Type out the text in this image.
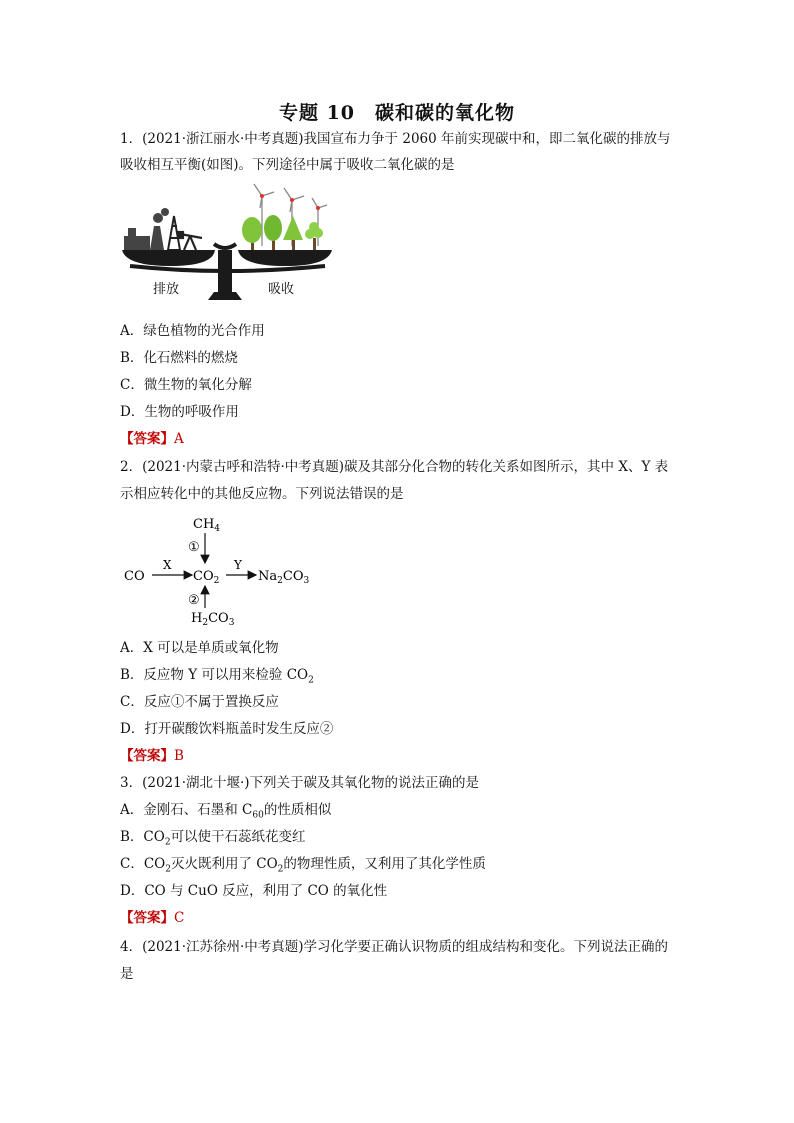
专题 10　碳和碳的氧化物
1．(2021·浙江丽水·中考真题)我国宣布力争于 2060 年前实现碳中和，即二氧化碳的排放与
吸收相互平衡(如图)。下列途径中属于吸收二氧化碳的是
排放	吸收
A．绿色植物的光合作用
B．化石燃料的燃烧
C．微生物的氧化分解
D．生物的呼吸作用
【答案】A
2．(2021·内蒙古呼和浩特·中考真题)碳及其部分化合物的转化关系如图所示，其中 X、Y 表
示相应转化中的其他反应物。下列说法错误的是
CO
X
$CO_2$
Y
$Na_2CO_3$
$CH_4$
①
②
$H_2CO_3$
A．X 可以是单质或氧化物
B．反应物 Y 可以用来检验 $CO_2$
C．反应①不属于置换反应
D．打开碳酸饮料瓶盖时发生反应②
【答案】B
3．(2021·湖北十堰·)下列关于碳及其氧化物的说法正确的是
A．金刚石、石墨和 $C_{60}$的性质相似
B．$CO_2$可以使干石蕊纸花变红
C．$CO_2$灭火既利用了 $CO_2$的物理性质，又利用了其化学性质
D．CO 与 CuO 反应，利用了 CO 的氧化性
【答案】C
4．(2021·江苏徐州·中考真题)学习化学要正确认识物质的组成结构和变化。下列说法正确的
是
